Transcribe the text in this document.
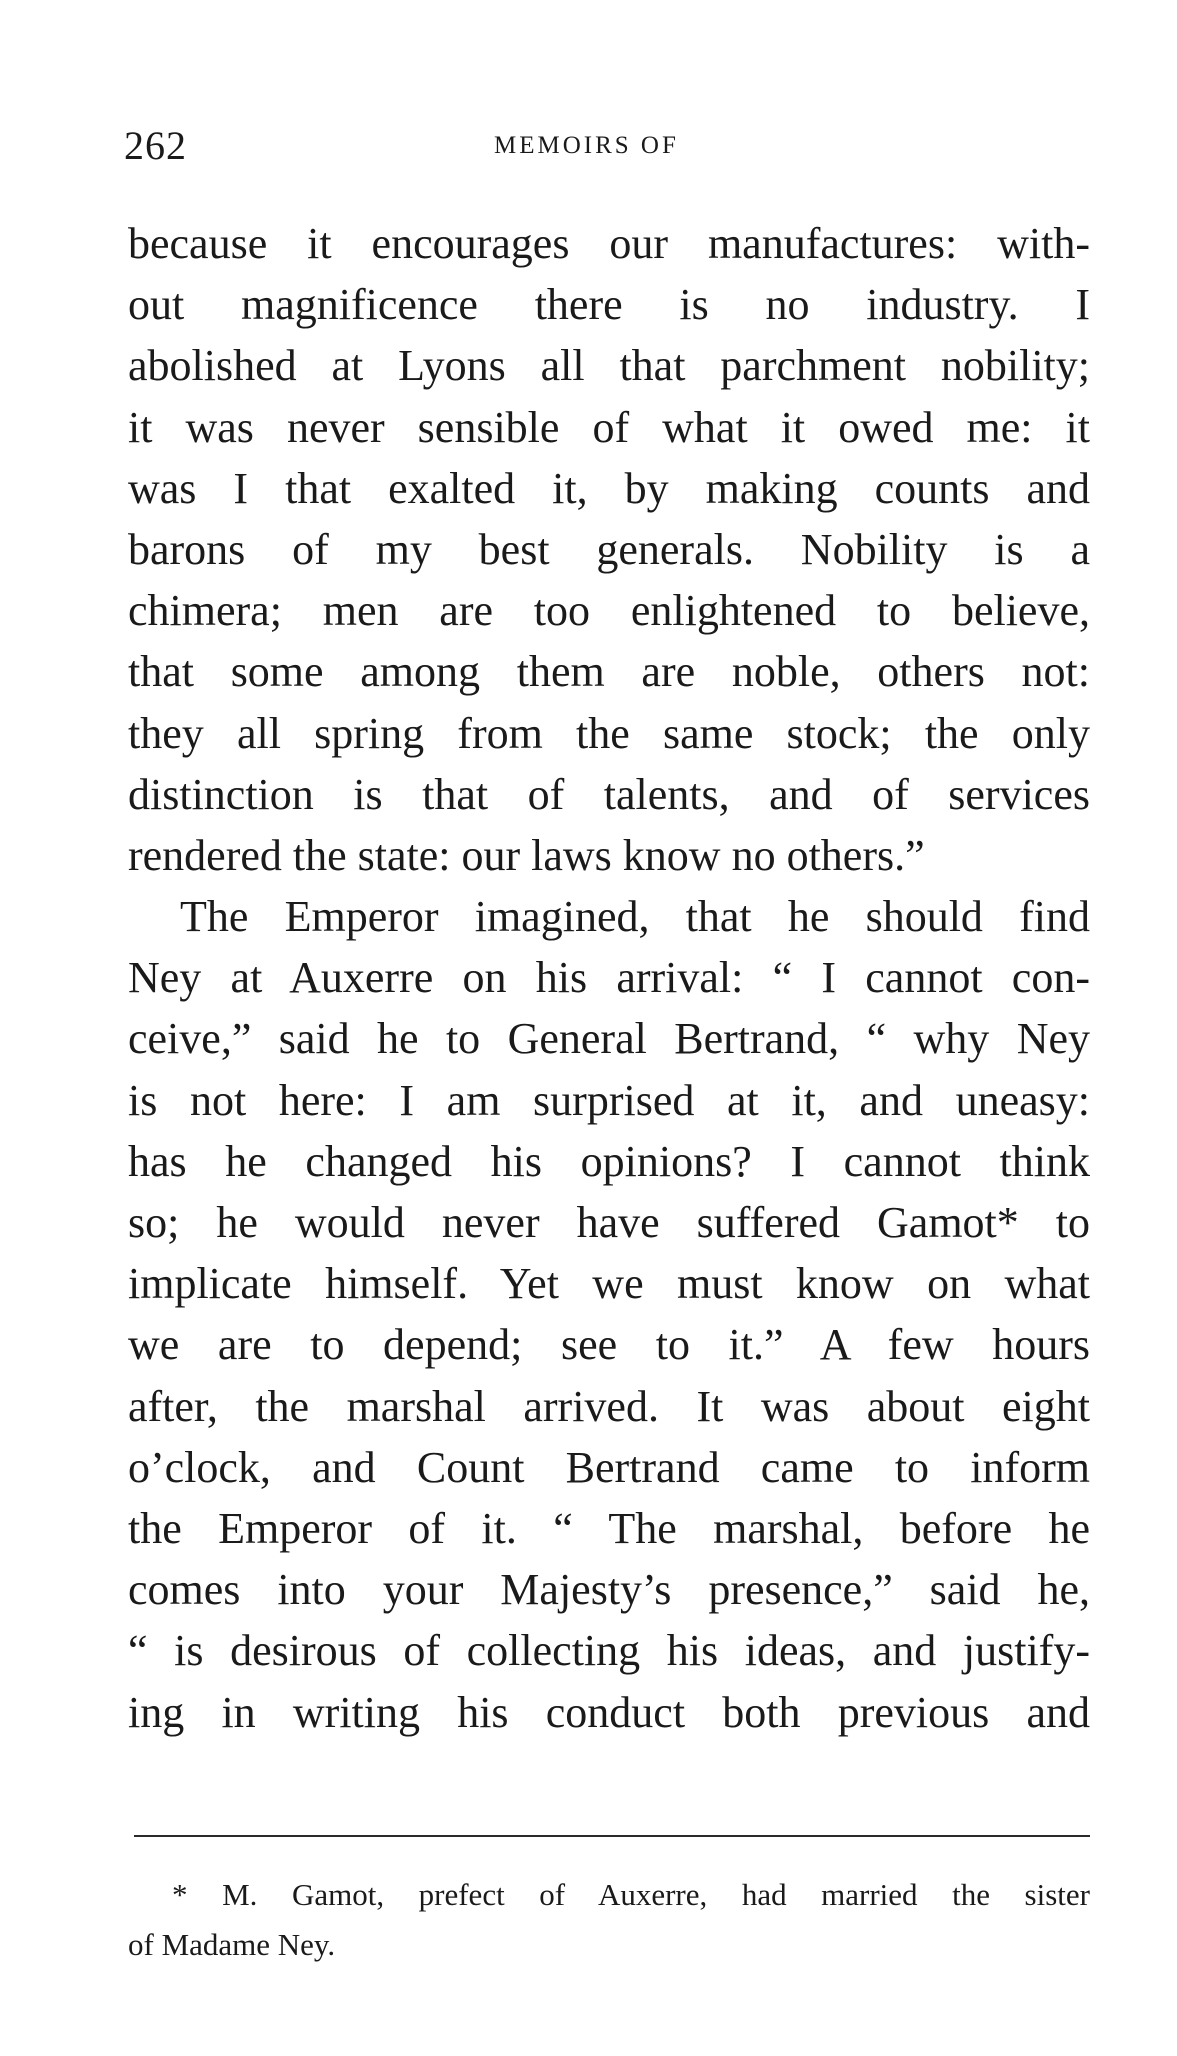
262	MEMOIRS OF
because it encourages our manufactures: with-
out magnificence there is no industry. I
abolished at Lyons all that parchment nobility;
it was never sensible of what it owed me: it
was I that exalted it, by making counts and
barons of my best generals. Nobility is a
chimera; men are too enlightened to believe,
that some among them are noble, others not:
they all spring from the same stock; the only
distinction is that of talents, and of services
rendered the state: our laws know no others.”
The Emperor imagined, that he should find
Ney at Auxerre on his arrival: “ I cannot con-
ceive,” said he to General Bertrand, “ why Ney
is not here: I am surprised at it, and uneasy:
has he changed his opinions? I cannot think
so; he would never have suffered Gamot* to
implicate himself. Yet we must know on what
we are to depend; see to it.” A few hours
after, the marshal arrived. It was about eight
o’clock, and Count Bertrand came to inform
the Emperor of it. “ The marshal, before he
comes into your Majesty’s presence,” said he,
“ is desirous of collecting his ideas, and justify-
ing in writing his conduct both previous and
* M. Gamot, prefect of Auxerre, had married the sister
of Madame Ney.
